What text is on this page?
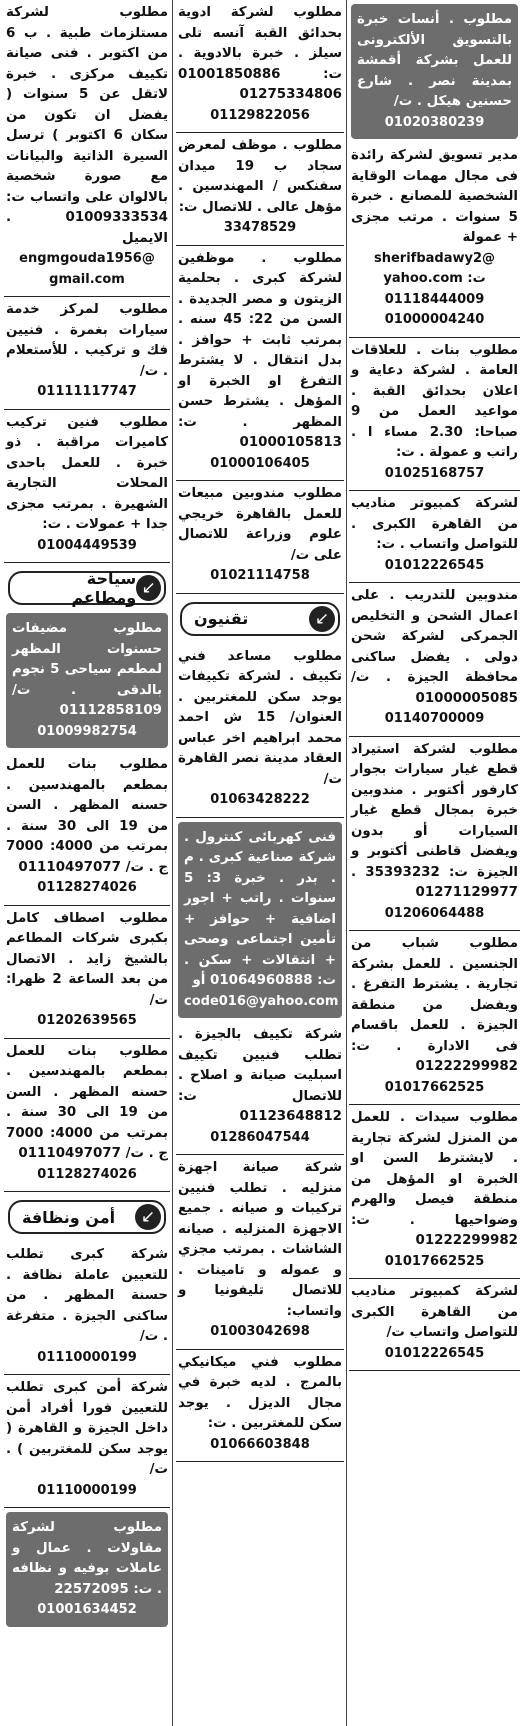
مطلوب . أنسات خبرة بالتسويق الألكترونى للعمل بشركة أقمشة بمدينة نصر . شارع حسنين هيكل . ت/
01020380239
مدير تسويق لشركة رائدة فى مجال مهمات الوقاية الشخصية للمصانع . خبرة 5 سنوات . مرتب مجزى + عمولة
sherifbadawy2@ yahoo.com ت: 01118444009 01000004240
مطلوب بنات . للعلاقات العامة . لشركة دعاية و اعلان بحدائق القبة . مواعيد العمل من 9 صباحا: 2.30 مساء ا . راتب و عمولة . ت:
01025168757
لشركة كمبيوتر مناديب من القاهرة الكبرى . للتواصل واتساب . ت:
01012226545
مندوبين للتدريب . على اعمال الشحن و التخليص الجمركى لشركة شحن دولى . يفضل ساكنى محافظة الجيزة . ت/ 01000005085
01140700009
مطلوب لشركة استيراد قطع غيار سيارات بجوار كارفور أكتوبر . مندوبين خبرة بمجال قطع غيار السيارات أو بدون ويفضل قاطنى أكتوبر و الجيزة ت: 35393232 . 01271129977
01206064488
مطلوب شباب من الجنسين . للعمل بشركة تجارية . يشترط التفرغ . ويفضل من منطقة الجيزة . للعمل باقسام فى الادارة . ت: 01222299982
01017662525
مطلوب سيدات . للعمل من المنزل لشركة تجارية . لايشترط السن او الخبرة او المؤهل من منطقة فيصل والهرم وضواحيها . ت: 01222299982
01017662525
لشركة كمبيوتر مناديب من القاهرة الكبرى للتواصل واتساب ت/
01012226545
مطلوب لشركة ادوية بحدائق القبة آنسه تلى سيلز . خبرة بالادوية . ت: 01001850886 01275334806
01129822056
مطلوب . موظف لمعرض سجاد ب 19 ميدان سفنكس / المهندسين . مؤهل عالى . للاتصال ت:
33478529
مطلوب . موظفين لشركة كبرى . بحلمية الزيتون و مصر الجديدة . السن من 22: 45 سنه . بمرتب ثابت + حوافز . بدل انتقال . لا يشترط التفرغ او الخبرة او المؤهل . يشترط حسن المظهر . ت: 01000105813
01000106405
مطلوب مندوبين مبيعات للعمل بالقاهرة خريجي علوم وزراعة للاتصال على ت/
01021114758
↙
تقنيون
مطلوب مساعد فني تكييف . لشركة تكييفات يوجد سكن للمغتربين . العنوان/ 15 ش احمد محمد ابراهيم اخر عباس العقاد مدينة نصر القاهرة ت/
01063428222
فنى كهربائى كنترول . شركة صناعية كبرى . م . بدر . خبرة 3: 5 سنوات . راتب + اجور اضافية + حوافز + تأمين اجتماعى وصحى + انتقالات + سكن . ت: 01064960888 أو
code016@yahoo.com
شركة تكييف بالجيزة . تطلب فنيين تكييف اسبليت صيانة و اصلاح . للاتصال ت: 01123648812
01286047544
شركة صيانة اجهزة منزليه . تطلب فنيين تركيبات و صيانه . جميع الاجهزة المنزليه . صيانه الشاشات . بمرتب مجزي و عموله و تامينات . للاتصال تليفونيا و واتساب:
01003042698
مطلوب فني ميكانيكي بالمرج . لديه خبرة في مجال الديزل . يوجد سكن للمغتربين . ت:
01066603848
مطلوب لشركة مستلزمات طبية . ب 6 من اكتوبر . فنى صيانة تكييف مركزى . خبرة لاتقل عن 5 سنوات ( يفضل ان تكون من سكان 6 اكتوبر ) ترسل السيرة الذاتية والبيانات مع صورة شخصية بالالوان على واتساب ت: 01009333534 . الايميل
engmgouda1956@ gmail.com
مطلوب لمركز خدمة سيارات بغمرة . فنيين فك و تركيب . للأستعلام . ت/
01111117747
مطلوب فنين تركيب كاميرات مراقبة . ذو خبرة . للعمل باحدى المحلات التجارية الشهيرة . بمرتب مجزى جدا + عمولات . ت:
01004449539
↙
سياحة ومطاعم
مطلوب مضيفات حسنوات المظهر لمطعم سياحى 5 نجوم بالدقى . ت/ 01112858109
01009982754
مطلوب بنات للعمل بمطعم بالمهندسين . حسنه المظهر . السن من 19 الى 30 سنة . بمرتب من 4000: 7000 ج . ت/ 01110497077
01128274026
مطلوب اصطاف كامل بكبرى شركات المطاعم بالشيخ زايد . الاتصال من بعد الساعة 2 ظهرا: ت/
01202639565
مطلوب بنات للعمل بمطعم بالمهندسين . حسنه المظهر . السن من 19 الى 30 سنة . بمرتب من 4000: 7000 ج . ت/ 01110497077
01128274026
↙
أمن ونظافة
شركة كبرى تطلب للتعيين عاملة نظافة . حسنة المظهر . من ساكنى الجيزة . متفرغة . ت/
01110000199
شركة أمن كبرى تطلب للتعيين فورا أفراد أمن داخل الجيزة و القاهرة ( يوجد سكن للمغتربين ) . ت/
01110000199
مطلوب لشركة مقاولات . عمال و عاملات بوفيه و نظافه . ت: 22572095
01001634452
